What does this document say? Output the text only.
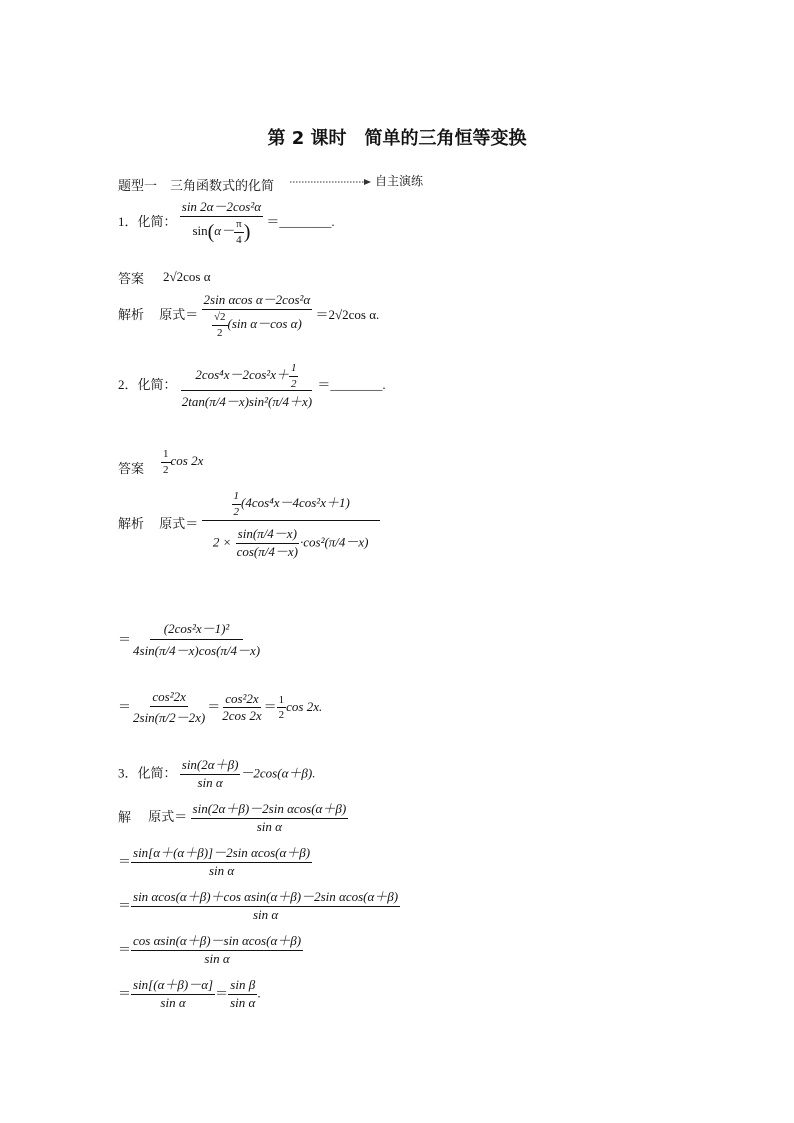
第 2 课时　简单的三角恒等变换
题型一　三角函数式的化简	自主演练
1．化简： $\frac{\text{sin 2α－2cos²α}}{\sin(\alpha- \frac{\pi}{4} )}$ ＝________.
答案 2√2cos α
解析 原式＝ $\frac{\text{2sin αcos α－2cos²α}}{\frac{√2}{2} (\sin \alpha-\cos \alpha)} =2√2\cos$ α.
2．化简： $\frac{2\cos^4x-2\cos^2x+ \frac{1}{2}}{\text{2tan(π/4－x)sin²(π/4＋x)}}$ ＝________.
答案 $\frac{1}{2}$ cos 2x
解析 原式＝ $\frac{\frac{1}{2} (4\cos^4x-4\cos^2x+1)}{2 \times \frac{\sin(\pi/4-x)}{\cos(\pi/4-x)} \cdot\cos^2(\pi/4-x)}$
＝ $\frac{\text{(2cos²x－1)²}}{4\sin(\pi/4-x)\cos(\pi/4-x)}$
＝ $\frac{\text{cos²2x}}{2\sin(\pi/2-2x)} = \frac{\text{cos²2x}}{2\cos 2x} = \frac{1}{2}$ cos 2x.
3．化简： $\frac{\sin(2\alpha+\beta)}{\text{sin α}} -2\cos(\alpha+\beta)$.
解 原式＝ $\frac{\text{sin(2α＋β)－2sin αcos(α＋β)}}{\text{sin α}}$
＝ $\frac{\text{sin[α＋(α＋β)]－2sin αcos(α＋β)}}{\text{sin α}}$
＝ $\frac{\text{sin αcos(α＋β)＋cos αsin(α＋β)－2sin αcos(α＋β)}}{\text{sin α}}$
＝ $\frac{\text{cos αsin(α＋β)－sin αcos(α＋β)}}{\text{sin α}}$
＝ $\frac{\sin[(\alpha+\beta)-\alpha]}{\text{sin α}} = \frac{\text{sin β}}{\text{sin α}}$ .
